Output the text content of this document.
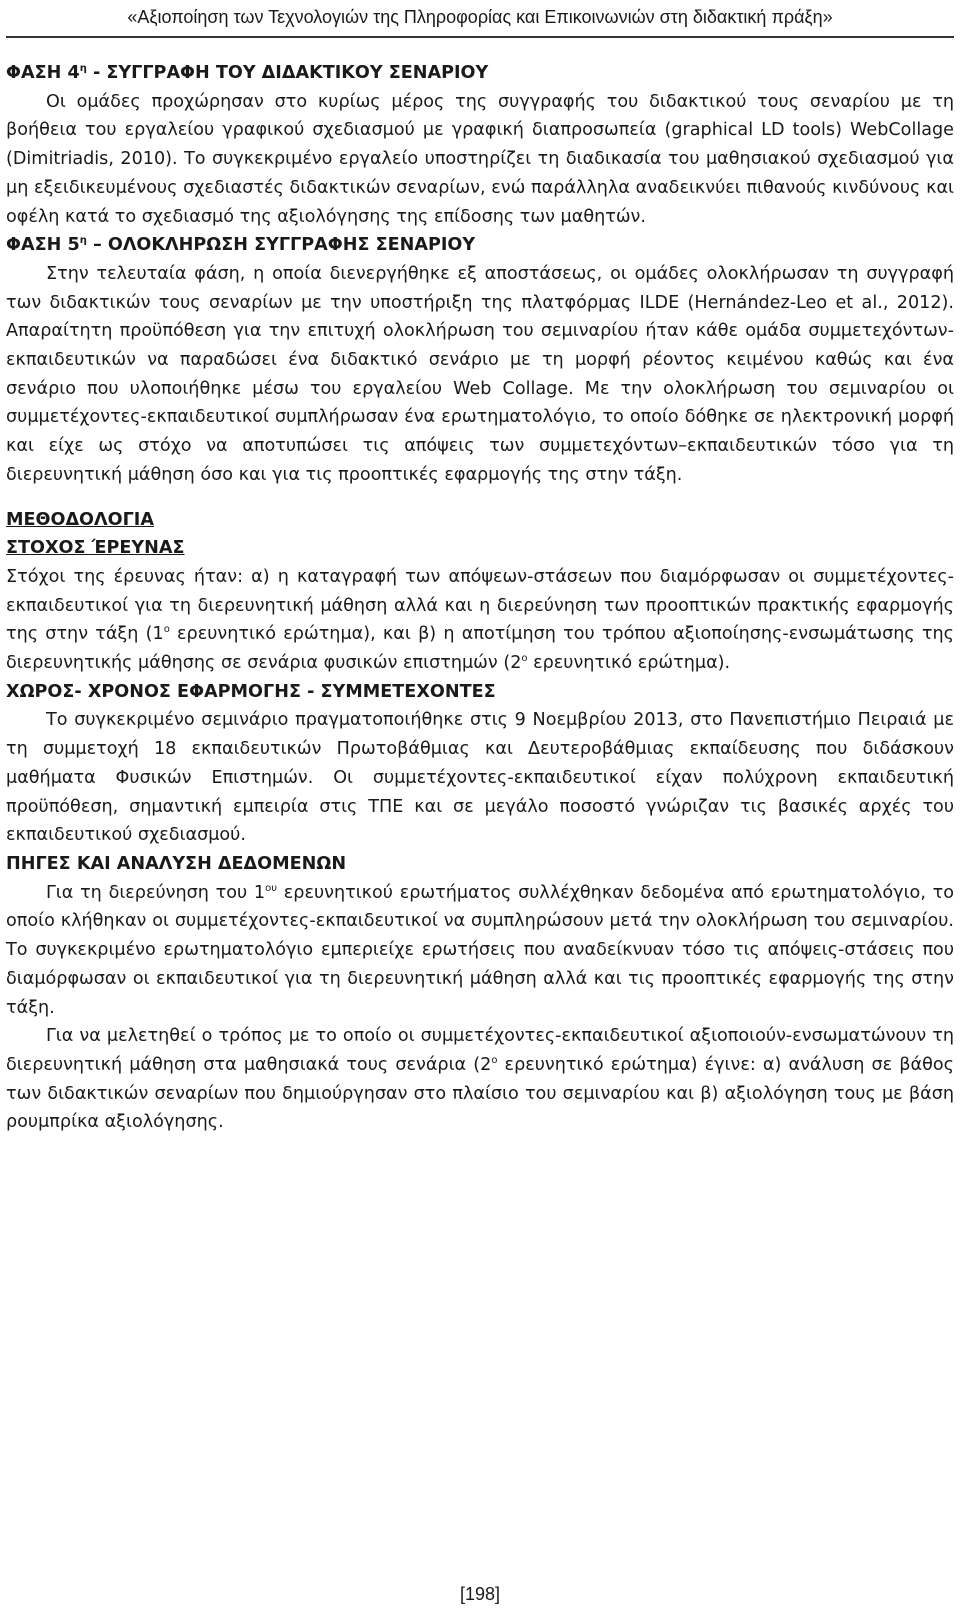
«Αξιοποίηση των Τεχνολογιών της Πληροφορίας και Επικοινωνιών στη διδακτική πράξη»

ΦΑΣΗ $4^\eta$ - ΣΥΓΓΡΑΦΗ ΤΟΥ ΔΙΔΑΚΤΙΚΟΥ ΣΕΝΑΡΙΟΥ

Οι ομάδες προχώρησαν στο κυρίως μέρος της συγγραφής του διδακτικού τους σεναρίου με τη βοήθεια του εργαλείου γραφικού σχεδιασμού με γραφική διαπροσωπεία (graphical LD tools) WebCollage (Dimitriadis, 2010). Το συγκεκριμένο εργαλείο υποστηρίζει τη διαδικασία του μαθησιακού σχεδιασμού για μη εξειδικευμένους σχεδιαστές διδακτικών σεναρίων, ενώ παράλληλα αναδεικνύει πιθανούς κινδύνους και οφέλη κατά το σχεδιασμό της αξιολόγησης της επίδοσης των μαθητών.

ΦΑΣΗ $5^\eta$ – ΟΛΟΚΛΗΡΩΣΗ ΣΥΓΓΡΑΦΗΣ ΣΕΝΑΡΙΟΥ

Στην τελευταία φάση, η οποία διενεργήθηκε εξ αποστάσεως, οι ομάδες ολοκλήρωσαν τη συγγραφή των διδακτικών τους σεναρίων με την υποστήριξη της πλατφόρμας ILDE (Hernández-Leo et al., 2012). Απαραίτητη προϋπόθεση για την επιτυχή ολοκλήρωση του σεμιναρίου ήταν κάθε ομάδα συμμετεχόντων-εκπαιδευτικών να παραδώσει ένα διδακτικό σενάριο με τη μορφή ρέοντος κειμένου καθώς και ένα σενάριο που υλοποιήθηκε μέσω του εργαλείου Web Collage. Με την ολοκλήρωση του σεμιναρίου οι συμμετέχοντες-εκπαιδευτικοί συμπλήρωσαν ένα ερωτηματολόγιο, το οποίο δόθηκε σε ηλεκτρονική μορφή και είχε ως στόχο να αποτυπώσει τις απόψεις των συμμετεχόντων–εκπαιδευτικών τόσο για τη διερευνητική μάθηση όσο και για τις προοπτικές εφαρμογής της στην τάξη.

ΜΕΘΟΔΟΛΟΓΙΑ

ΣΤΟΧΟΣ ΈΡΕΥΝΑΣ

Στόχοι της έρευνας ήταν: α) η καταγραφή των απόψεων-στάσεων που διαμόρφωσαν οι συμμετέχοντες-εκπαιδευτικοί για τη διερευνητική μάθηση αλλά και η διερεύνηση των προοπτικών πρακτικής εφαρμογής της στην τάξη ($1^o$ ερευνητικό ερώτημα), και β) η αποτίμηση του τρόπου αξιοποίησης-ενσωμάτωσης της διερευνητικής μάθησης σε σενάρια φυσικών επιστημών ($2^o$ ερευνητικό ερώτημα).

ΧΩΡΟΣ- ΧΡΟΝΟΣ ΕΦΑΡΜΟΓΗΣ - ΣΥΜΜΕΤΕΧΟΝΤΕΣ

Το συγκεκριμένο σεμινάριο πραγματοποιήθηκε στις 9 Νοεμβρίου 2013, στο Πανεπιστήμιο Πειραιά με τη συμμετοχή 18 εκπαιδευτικών Πρωτοβάθμιας και Δευτεροβάθμιας εκπαίδευσης που διδάσκουν μαθήματα Φυσικών Επιστημών. Οι συμμετέχοντες-εκπαιδευτικοί είχαν πολύχρονη εκπαιδευτική προϋπόθεση, σημαντική εμπειρία στις ΤΠΕ και σε μεγάλο ποσοστό γνώριζαν τις βασικές αρχές του εκπαιδευτικού σχεδιασμού.

ΠΗΓΕΣ ΚΑΙ ΑΝΑΛΥΣΗ ΔΕΔΟΜΕΝΩΝ

Για τη διερεύνηση του $1^{o\upsilon}$ ερευνητικού ερωτήματος συλλέχθηκαν δεδομένα από ερωτηματολόγιο, το οποίο κλήθηκαν οι συμμετέχοντες-εκπαιδευτικοί να συμπληρώσουν μετά την ολοκλήρωση του σεμιναρίου. Το συγκεκριμένο ερωτηματολόγιο εμπεριείχε ερωτήσεις που αναδείκνυαν τόσο τις απόψεις-στάσεις που διαμόρφωσαν οι εκπαιδευτικοί για τη διερευνητική μάθηση αλλά και τις προοπτικές εφαρμογής της στην τάξη.

Για να μελετηθεί ο τρόπος με το οποίο οι συμμετέχοντες-εκπαιδευτικοί αξιοποιούν-ενσωματώνουν τη διερευνητική μάθηση στα μαθησιακά τους σενάρια ($2^o$ ερευνητικό ερώτημα) έγινε: α) ανάλυση σε βάθος των διδακτικών σεναρίων που δημιούργησαν στο πλαίσιο του σεμιναρίου και β) αξιολόγηση τους με βάση ρουμπρίκα αξιολόγησης.

[198]
